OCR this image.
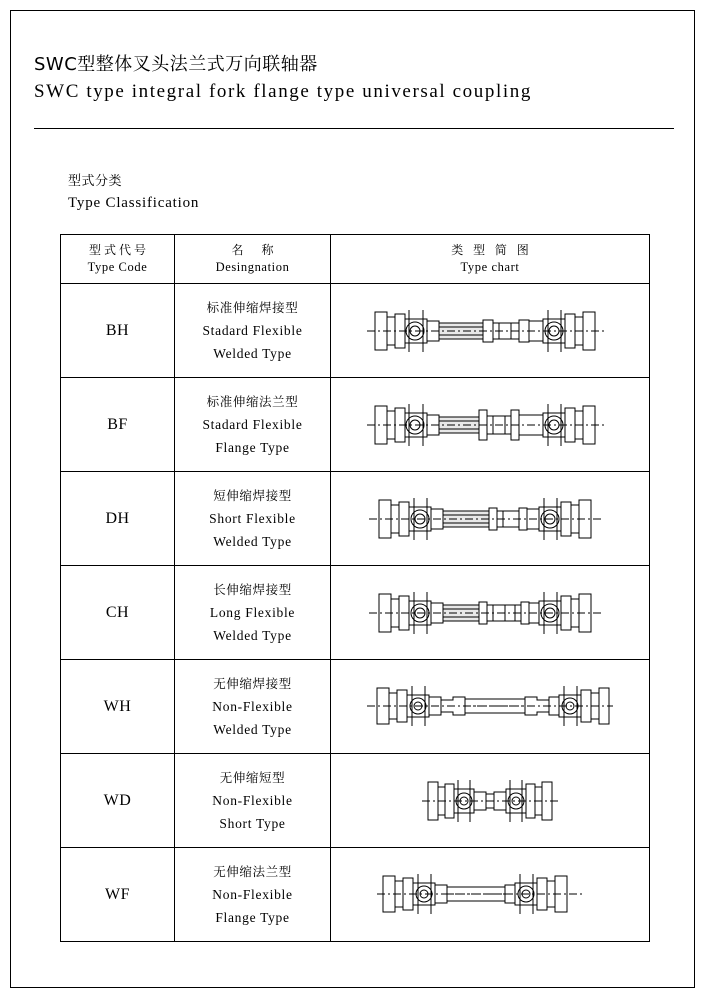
SWC型整体叉头法兰式万向联轴器
SWC type integral fork flange type universal coupling
型式分类
Type Classification
型式代号
Type Code

名　称
Desingnation

类 型 简 图
Type chart

BH	标准伸缩焊接型
Stadard Flexible
Welded Type

BF	标准伸缩法兰型
Stadard Flexible
Flange Type

DH	短伸缩焊接型
Short Flexible
Welded Type

CH	长伸缩焊接型
Long Flexible
Welded Type

WH	无伸缩焊接型
Non-Flexible
Welded Type

WD	无伸缩短型
Non-Flexible
Short Type

WF	无伸缩法兰型
Non-Flexible
Flange Type
